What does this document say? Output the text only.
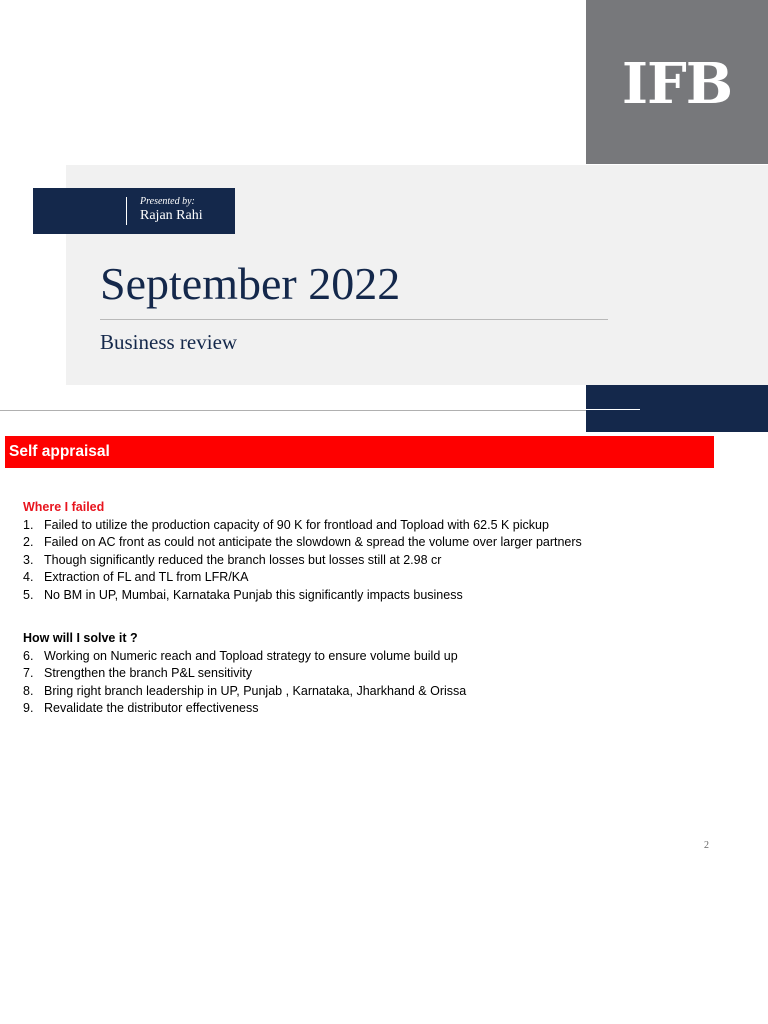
IFB
Presented by:
Rajan Rahi
September 2022
Business review
Self appraisal
Where I failed
1. Failed to utilize the production capacity of 90 K for frontload and Topload with 62.5 K pickup
2. Failed on AC front as could not anticipate the slowdown & spread the volume over larger partners
3. Though significantly reduced the branch losses but losses still at 2.98 cr
4. Extraction of FL and TL from LFR/KA
5. No BM in UP, Mumbai, Karnataka Punjab this significantly impacts business
How will I solve it ?
6. Working on Numeric reach and Topload strategy to ensure volume build up
7. Strengthen the branch P&L sensitivity
8. Bring right branch leadership in UP, Punjab , Karnataka, Jharkhand & Orissa
9. Revalidate the distributor effectiveness
2
